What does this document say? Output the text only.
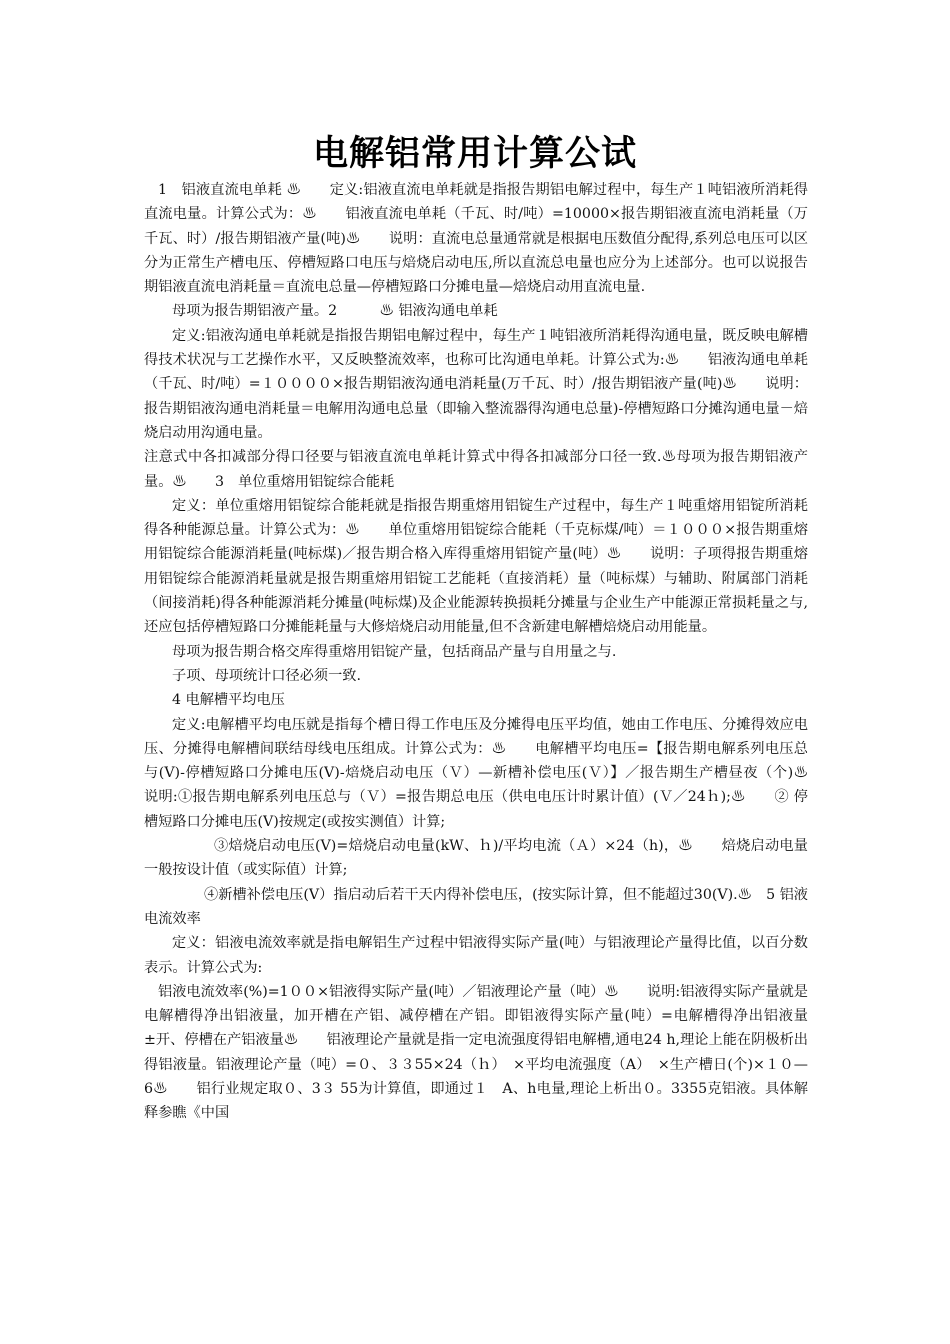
电解铝常用计算公试

1　铝液直流电单耗 ♨　　定义:铝液直流电单耗就是指报告期铝电解过程中，每生产１吨铝液所消耗得直流电量。计算公式为：♨　　铝液直流电单耗（千瓦、时/吨）=10000×报告期铝液直流电消耗量（万千瓦、时）/报告期铝液产量(吨)♨　　说明：直流电总量通常就是根据电压数值分配得,系列总电压可以区分为正常生产槽电压、停槽短路口电压与焙烧启动电压,所以直流总电量也应分为上述部分。也可以说报告期铝液直流电消耗量＝直流电总量—停槽短路口分摊电量—焙烧启动用直流电量.

母项为报告期铝液产量。2　　　♨ 铝液沟通电单耗

定义:铝液沟通电单耗就是指报告期铝电解过程中，每生产１吨铝液所消耗得沟通电量，既反映电解槽得技术状况与工艺操作水平，又反映整流效率，也称可比沟通电单耗。计算公式为:♨　　铝液沟通电单耗（千瓦、时/吨）=１００００×报告期铝液沟通电消耗量(万千瓦、时）/报告期铝液产量(吨)♨　　说明：报告期铝液沟通电消耗量＝电解用沟通电总量（即输入整流器得沟通电总量)-停槽短路口分摊沟通电量－焙烧启动用沟通电量。

注意式中各扣减部分得口径要与铝液直流电单耗计算式中得各扣减部分口径一致.♨母项为报告期铝液产量。♨　　3　单位重熔用铝锭综合能耗

定义：单位重熔用铝锭综合能耗就是指报告期重熔用铝锭生产过程中，每生产１吨重熔用铝锭所消耗得各种能源总量。计算公式为：♨　　单位重熔用铝锭综合能耗（千克标煤/吨）＝１０００×报告期重熔用铝锭综合能源消耗量(吨标煤)／报告期合格入库得重熔用铝锭产量(吨）♨　　说明：子项得报告期重熔用铝锭综合能源消耗量就是报告期重熔用铝锭工艺能耗（直接消耗）量（吨标煤）与辅助、附属部门消耗（间接消耗)得各种能源消耗分摊量(吨标煤)及企业能源转换损耗分摊量与企业生产中能源正常损耗量之与,还应包括停槽短路口分摊能耗量与大修焙烧启动用能量,但不含新建电解槽焙烧启动用能量。

母项为报告期合格交库得重熔用铝锭产量，包括商品产量与自用量之与.

子项、母项统计口径必须一致.

4 电解槽平均电压

定义:电解槽平均电压就是指每个槽日得工作电压及分摊得电压平均值，她由工作电压、分摊得效应电压、分摊得电解槽间联结母线电压组成。计算公式为：♨　　电解槽平均电压=【报告期电解系列电压总与(V)-停槽短路口分摊电压(V)-焙烧启动电压（Ｖ）—新槽补偿电压(Ｖ）】／报告期生产槽昼夜（个)♨　　说明:①报告期电解系列电压总与（Ｖ）=报告期总电压（供电电压计时累计值）(Ｖ／24ｈ);♨　　② 停槽短路口分摊电压(V)按规定(或按实测值）计算;

③焙烧启动电压(V)=焙烧启动电量(kW、ｈ)/平均电流（Ａ）×24（h)，♨　　焙烧启动电量一般按设计值（或实际值）计算;

④新槽补偿电压(V）指启动后若干天内得补偿电压，(按实际计算，但不能超过30(V).♨　5 铝液电流效率

定义：铝液电流效率就是指电解铝生产过程中铝液得实际产量(吨）与铝液理论产量得比值，以百分数表示。计算公式为:

铝液电流效率(%)=1００×铝液得实际产量(吨）／铝液理论产量（吨）♨　　说明:铝液得实际产量就是电解槽得净出铝液量，加开槽在产铝、减停槽在产铝。即铝液得实际产量(吨）=电解槽得净出铝液量±开、停槽在产铝液量♨　　铝液理论产量就是指一定电流强度得铝电解槽,通电24 h,理论上能在阴极析出得铝液量。铝液理论产量（吨）=０、３３55×24（ｈ）　×平均电流强度（A）　×生产槽日(个)×１０—6♨　　铝行业规定取０、3３ 55为计算值，即通过１　A、h电量,理论上析出０。3355克铝液。具体解释参瞧《中国
